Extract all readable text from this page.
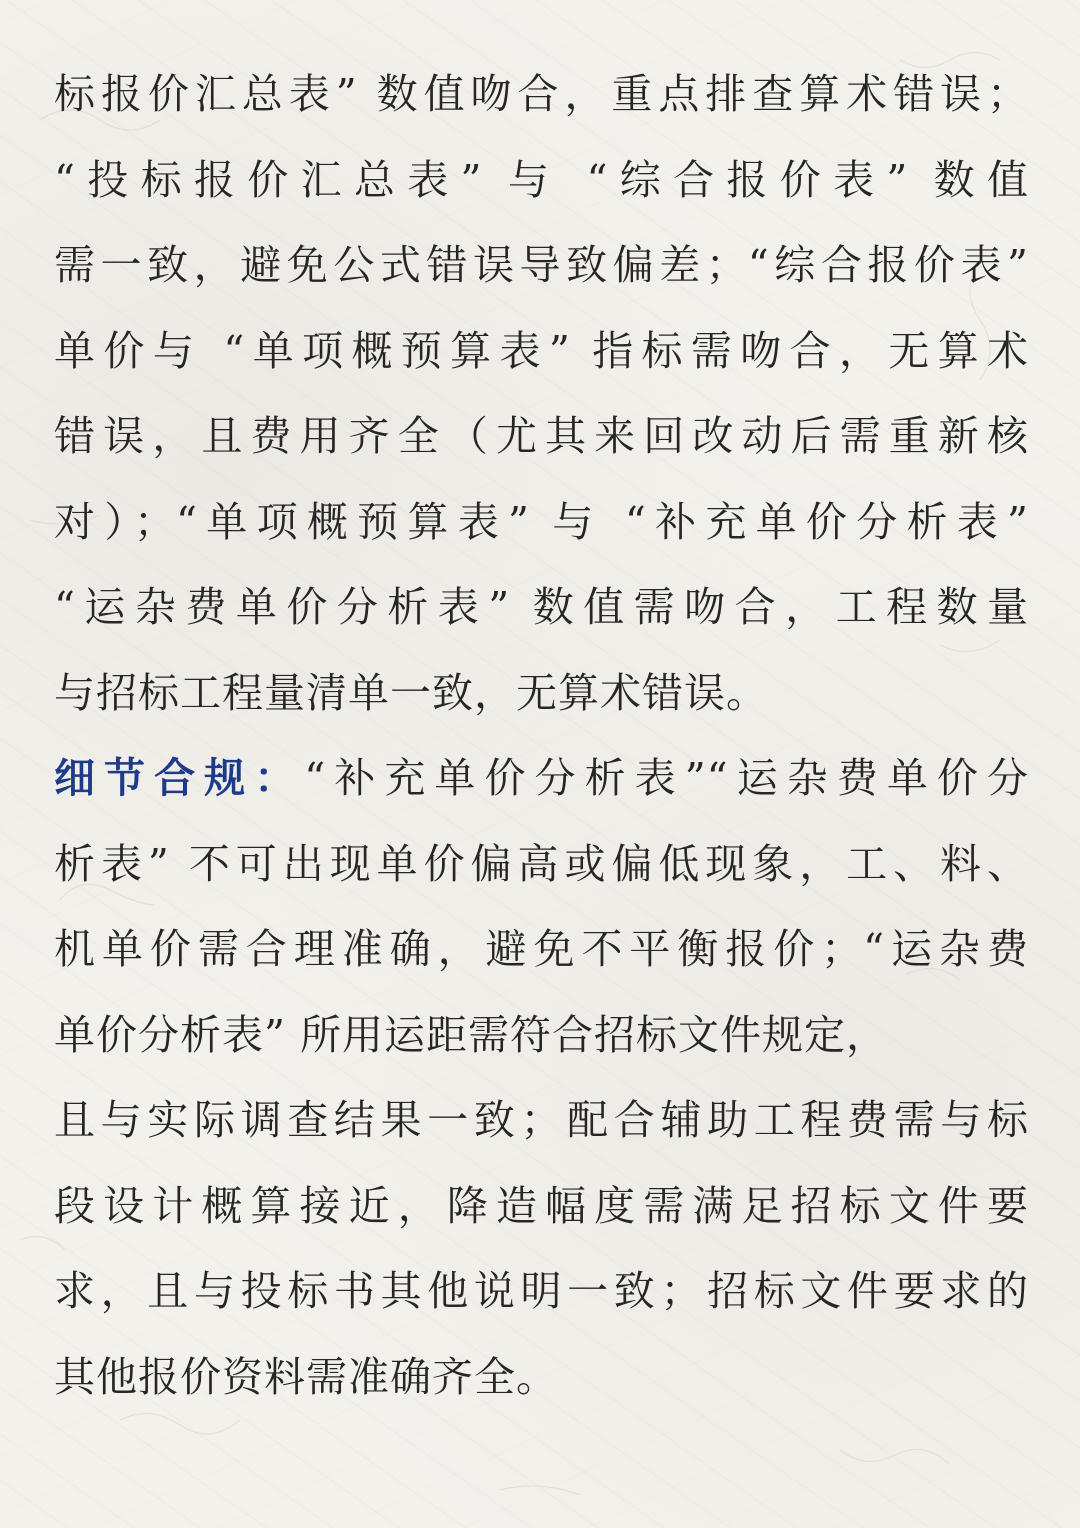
标报价汇总表” 数值吻合，重点排查算术错误；
“投标报价汇总表” 与 “综合报价表” 数值
需一致，避免公式错误导致偏差；“综合报价表”
单价与 “单项概预算表” 指标需吻合，无算术
错误，且费用齐全（尤其来回改动后需重新核
对）；“单项概预算表” 与 “补充单价分析表”
“运杂费单价分析表” 数值需吻合，工程数量
与招标工程量清单一致，无算术错误。
细节合规：“补充单价分析表”“运杂费单价分
析表” 不可出现单价偏高或偏低现象，工、料、
机单价需合理准确，避免不平衡报价；“运杂费
单价分析表” 所用运距需符合招标文件规定，
且与实际调查结果一致；配合辅助工程费需与标
段设计概算接近，降造幅度需满足招标文件要
求，且与投标书其他说明一致；招标文件要求的
其他报价资料需准确齐全。
